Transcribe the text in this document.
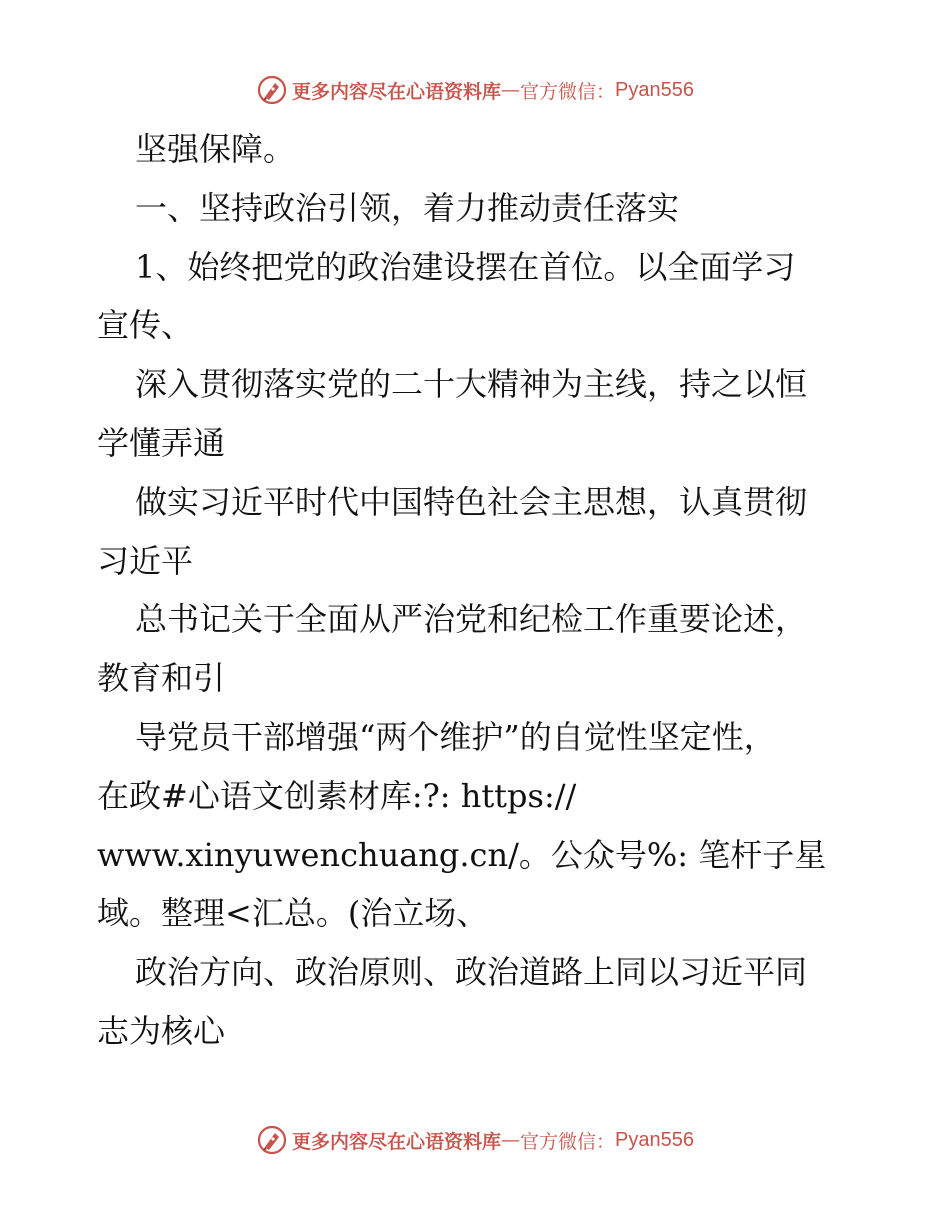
更多内容尽在心语资料库 — 官方微信： Pyan556
坚强保障。
一、坚持政治引领，着力推动责任落实
1、始终把党的政治建设摆在首位。以全面学习
宣传、
深入贯彻落实党的二十大精神为主线，持之以恒
学懂弄通
做实习近平时代中国特色社会主思想，认真贯彻
习近平
总书记关于全面从严治党和纪检工作重要论述，
教育和引
导党员干部增强“两个维护”的自觉性坚定性，
在政#心语文创素材库:?: https://
www.xinyuwenchuang.cn/。公众号%: 笔杆子星
域。整理<汇总。(治立场、
政治方向、政治原则、政治道路上同以习近平同
志为核心
更多内容尽在心语资料库 — 官方微信： Pyan556
